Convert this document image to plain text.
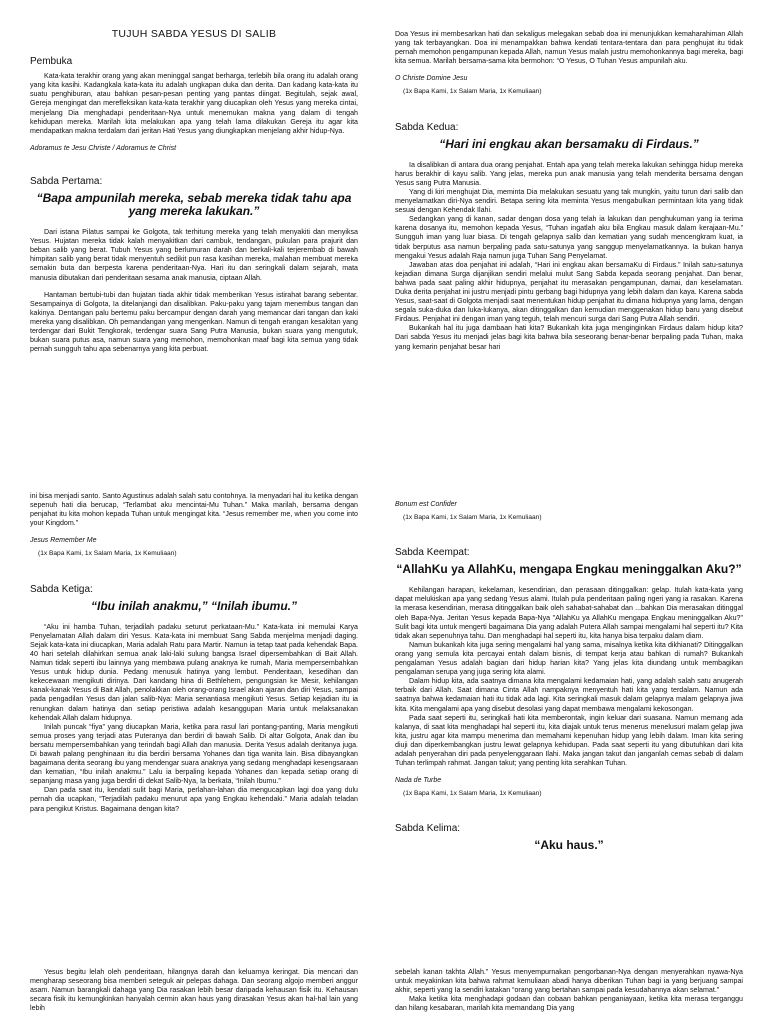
TUJUH SABDA YESUS DI SALIB
Pembuka

Kata-kata terakhir orang yang akan meninggal sangat berharga, terlebih bila orang itu adalah orang yang kita kasihi. Kadangkala kata-kata itu adalah ungkapan duka dan derita. Dan kadang kata-kata itu suatu penghiburan, atau bahkan pesan-pesan penting yang pantas diingat. Begitulah, sejak awal, Gereja mengingat dan merefleksikan kata-kata terakhir yang diucapkan oleh Yesus yang mereka cintai, menjelang Dia menghadapi penderitaan-Nya untuk menemukan makna yang dalam di tengah kehidupan mereka. Marilah kita melakukan apa yang telah lama dilakukan Gereja itu agar kita mendapatkan makna terdalam dari jeritan Hati Yesus yang diungkapkan menjelang akhir hidup-Nya.

Adoramus te Jesu Christe / Adoramus te Christ

Sabda Pertama:
“Bapa ampunilah mereka, sebab mereka tidak tahu apa yang mereka lakukan.”

Dari istana Pilatus sampai ke Golgota, tak terhitung mereka yang telah menyakiti dan menyiksa Yesus. Hujatan mereka tidak kalah menyakitkan dari cambuk, tendangan, pukulan para prajurit dan beban salib yang berat. Tubuh Yesus yang berlumuran darah dan berkali-kali terjerembab di bawah himpitan salib yang berat tidak menyentuh sedikit pun rasa kasihan mereka, malahan membuat mereka semakin buta dan berpesta karena penderitaan-Nya. Hari itu dan seringkali dalam sejarah, mata manusia dibutakan dari penderitaan sesama anak manusia, ciptaan Allah.

Hantaman bertubi-tubi dan hujatan tiada akhir tidak memberikan Yesus istirahat barang sebentar. Sesampainya di Golgota, Ia ditelanjangi dan disalibkan. Paku-paku yang tajam menembus tangan dan kakinya. Dentangan palu bertemu paku bercampur dengan darah yang memancar dari tangan dan kaki mereka yang disalibkan. Oh pemandangan yang mengerikan. Namun di tengah erangan kesakitan yang terdengar dari Bukit Tengkorak, terdengar suara Sang Putra Manusia, bukan suara yang mengutuk, bukan suara putus asa, namun suara yang memohon, memohonkan maaf bagi kita semua yang tidak pernah sungguh tahu apa sebenarnya yang kita perbuat.

Doa Yesus ini membesarkan hati dan sekaligus melegakan sebab doa ini menunjukkan kemaharahiman Allah yang tak terbayangkan. Doa ini menampakkan bahwa kendati tentara-tentara dan para penghujat itu tidak pernah memohon pengampunan kepada Allah, namun Yesus malah justru memohonkannya bagi mereka, bagi kita semua. Marilah bersama-sama kita bermohon: “O Yesus, O Tuhan Yesus ampunilah aku.

O Christe Domine Jesu

(1x Bapa Kami, 1x Salam Maria, 1x Kemuliaan)

Sabda Kedua:
“Hari ini engkau akan bersamaku di Firdaus.”

Ia disalibkan di antara dua orang penjahat. Entah apa yang telah mereka lakukan sehingga hidup mereka harus berakhir di kayu salib. Yang jelas, mereka pun anak manusia yang telah menderita bersama dengan Yesus sang Putra Manusia.

Yang di kiri menghujat Dia, meminta Dia melakukan sesuatu yang tak mungkin, yaitu turun dari salib dan menyelamatkan diri-Nya sendiri. Betapa sering kita meminta Yesus mengabulkan permintaan kita yang tidak sesuai dengan Kehendak Ilahi.

Sedangkan yang di kanan, sadar dengan dosa yang telah ia lakukan dan penghukuman yang ia terima karena dosanya itu, memohon kepada Yesus, “Tuhan ingatlah aku bila Engkau masuk dalam kerajaan-Mu.” Sungguh iman yang luar biasa. Di tengah gelapnya salib dan kematian yang sudah mencengkram kuat, ia tidak berputus asa namun berpaling pada satu-satunya yang sanggup menyelamatkannya. Ia bukan hanya mengakui Yesus adalah Raja namun juga Tuhan Sang Penyelamat.

Jawaban atas doa penjahat ini adalah, “Hari ini engkau akan bersamaKu di Firdaus.” Inilah satu-satunya kejadian dimana Surga dijanjikan sendiri melalui mulut Sang Sabda kepada seorang penjahat. Dan benar, bahwa pada saat paling akhir hidupnya, penjahat itu merasakan pengampunan, damai, dan keselamatan. Duka derita penjahat ini justru menjadi pintu gerbang bagi hidupnya yang lebih dalam dan kaya. Karena sabda Yesus, saat-saat di Golgota menjadi saat menentukan hidup penjahat itu dimana hidupnya yang lama, dengan segala suka-duka dan luka-lukanya, akan ditinggalkan dan kemudian menggenakan hidup baru yang disebut Firdaus. Penjahat ini dengan iman yang teguh, telah mencuri surga dari Sang Putra Allah sendiri.

Bukankah hal itu juga dambaan hati kita? Bukankah kita juga menginginkan Firdaus dalam hidup kita? Dari sabda Yesus itu menjadi jelas bagi kita bahwa bila seseorang benar-benar berpaling pada Tuhan, maka yang kemarin penjahat besar hari

ini bisa menjadi santo. Santo Agustinus adalah salah satu contohnya. Ia menyadari hal itu ketika dengan sepenuh hati dia berucap, “Terlambat aku mencintai-Mu Tuhan.” Maka marilah, bersama dengan penjahat itu kita mohon kepada Tuhan untuk mengingat kita. “Jesus remember me, when you come into your Kingdom.”

Jesus Remember Me

(1x Bapa Kami, 1x Salam Maria, 1x Kemuliaan)

Sabda Ketiga:
“Ibu inilah anakmu,” “Inilah ibumu.”

“Aku ini hamba Tuhan, terjadilah padaku seturut perkataan-Mu.” Kata-kata ini memulai Karya Penyelamatan Allah dalam diri Yesus. Kata-kata ini membuat Sang Sabda menjelma menjadi daging. Sejak kata-kata ini diucapkan, Maria adalah Ratu para Martir. Namun ia tetap taat pada kehendak Bapa. 40 hari setelah dilahirkan semua anak laki-laki sulung bangsa Israel dipersembahkan di Bait Allah. Namun tidak seperti ibu lainnya yang membawa pulang anaknya ke rumah, Maria mempersembahkan Yesus untuk hidup dunia. Pedang menusuk hatinya yang lembut. Penderitaan, kesedihan dan kekecewaan mengikuti dirinya. Dari kandang hina di Bethlehem, pengungsian ke Mesir, kehilangan kanak-kanak Yesus di Bait Allah, penolakkan oleh orang-orang Israel akan ajaran dan diri Yesus, sampai pada pengadilan Yesus dan jalan salib-Nya: Maria senantiasa mengikuti Yesus. Setiap kejadian itu ia renungkan dalam hatinya dan setiap peristiwa adalah kesanggupan Maria untuk melaksanakan kehendak Allah dalam hidupnya.

Inilah puncak “fiya” yang diucapkan Maria, ketika para rasul lari pontang-panting, Maria mengikuti semua proses yang terjadi atas Puteranya dan berdiri di bawah Salib. Di altar Golgota, Anak dan ibu bersatu mempersembahkan yang terindah bagi Allah dan manusia. Derita Yesus adalah deritanya juga. Di bawah palang penghinaan itu dia berdiri bersama Yohanes dan tiga wanita lain. Bisa dibayangkan bagaimana derita seorang ibu yang mendengar suara anaknya yang sedang menghadapi kesengsaraan dan kematian, “Ibu inilah anakmu.” Lalu ia berpaling kepada Yohanes dan kepada setiap orang di sepanjang masa yang juga berdiri di dekat Salib-Nya, Ia berkata, “Inilah Ibumu.”

Dan pada saat itu, kendati sulit bagi Maria, perlahan-lahan dia mengucapkan lagi doa yang dulu pernah dia ucapkan, “Terjadilah padaku menurut apa yang Engkau kehendaki.” Maria adalah teladan para pengikut Kristus. Bagaimana dengan kita?

Bonum est Confider

(1x Bapa Kami, 1x Salam Maria, 1x Kemuliaan)

Sabda Keempat:
“AllahKu ya AllahKu, mengapa Engkau meninggalkan Aku?”

Kehilangan harapan, kekelaman, kesendirian, dan perasaan ditinggalkan: gelap. Itulah kata-kata yang dapat melukiskan apa yang sedang Yesus alami. Itulah pula penderitaan paling ngeri yang ia rasakan. Karena Ia merasa kesendirian, merasa ditinggalkan baik oleh sahabat-sahabat dan ...bahkan Dia merasakan ditinggal oleh Bapa-Nya. Jeritan Yesus kepada Bapa-Nya "AllahKu ya AllahKu mengapa Engkau meninggalkan Aku?" Sulit bagi kita untuk mengerti bagaimana Dia yang adalah Putera Allah sampai mengalami hal seperti itu? Kita tidak akan sepenuhnya tahu. Dan menghadapi hal seperti itu, kita hanya bisa terpaku dalam diam.

Namun bukankah kita juga sering mengalami hal yang sama, misalnya ketika kita dikhianati? Ditinggalkan orang yang semula kita percayai entah dalam bisnis, di tempat kerja atau bahkan di rumah? Bukankah pengalaman Yesus adalah bagian dari hidup harian kita? Yang jelas kita diundang untuk membagikan pengalaman serupa yang juga sering kita alami.

Dalam hidup kita, ada saatnya dimana kita mengalami kedamaian hati, yang adalah salah satu anugerah terbaik dari Allah. Saat dimana Cinta Allah nampaknya menyentuh hati kita yang terdalam. Namun ada saatnya bahwa kedamaian hati itu tidak ada lagi. Kita seringkali masuk dalam gelapnya malam gelapnya jiwa kita. Kita mengalami apa yang disebut desolasi yang dapat membawa mengalami kekosongan.

Pada saat seperti itu, seringkali hati kita memberontak, ingin keluar dari suasana. Namun memang ada kalanya, di saat kita menghadapi hal seperti itu, kita diajak untuk terus menerus menelusuri malam gelap jiwa kita, justru agar kita mampu menerima dan memahami kepenuhan hidup yang lebih dalam. Iman kita sering diuji dan diperkembangkan justru lewat gelapnya kehidupan. Pada saat seperti itu yang dibutuhkan dari kita adalah penyerahan diri pada penyelenggaraan Ilahi. Maka jangan takut dan janganlah cemas sebab di dalam Tuhan terlimpah rahmat. Jangan takut; yang penting kita serahkan Tuhan.

Nada de Turbe

(1x Bapa Kami, 1x Salam Maria, 1x Kemuliaan)

Sabda Kelima:
“Aku haus.”

Yesus begitu lelah oleh penderitaan, hilangnya darah dan keluarnya keringat. Dia mencari dan mengharap seseorang bisa memberi seteguk air pelepas dahaga. Dan seorang algojo memberi anggur asam. Namun barangkali dahaga yang Dia rasakan lebih besar daripada kehausan fisik itu. Kehausan secara fisik itu kemungkinkan hanyalah cermin akan haus yang dirasakan Yesus akan hal-hal lain yang lebih

sebelah kanan takhta Allah.” Yesus menyempurnakan pengorbanan-Nya dengan menyerahkan nyawa-Nya untuk meyakinkan kita bahwa rahmat kemuliaan abadi hanya diberikan Tuhan bagi ia yang berjuang sampai akhir, seperti yang Ia sendiri katakan “orang yang bertahan sampai pada kesudahannya akan selamat.”

Maka ketika kita menghadapi godaan dan cobaan bahkan penganiayaan, ketika kita merasa terganggu dan hilang kesabaran, marilah kita memandang Dia yang
